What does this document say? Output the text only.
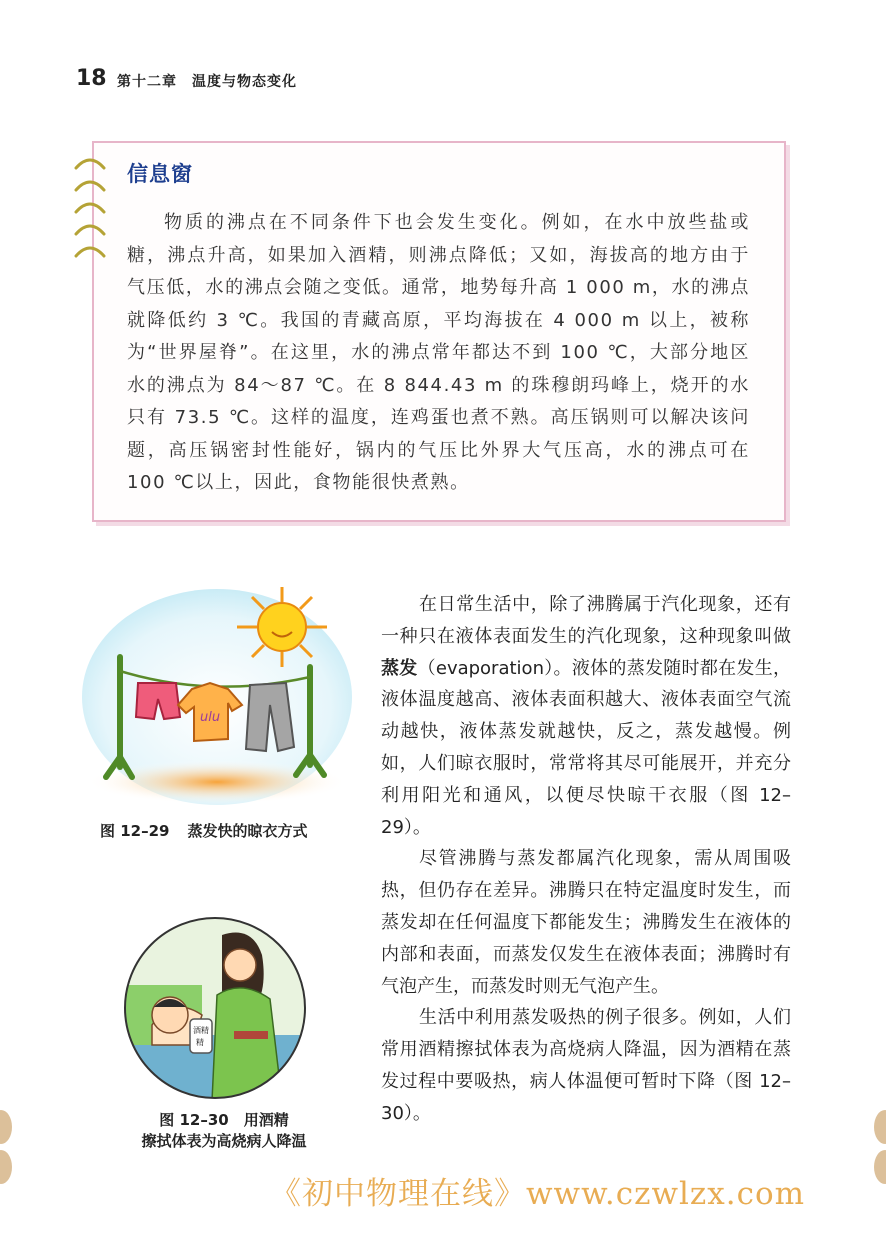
18 第十二章　温度与物态变化
信息窗

物质的沸点在不同条件下也会发生变化。例如，在水中放些盐或糖，沸点升高，如果加入酒精，则沸点降低；又如，海拔高的地方由于气压低，水的沸点会随之变低。通常，地势每升高 1 000 m，水的沸点就降低约 3 ℃。我国的青藏高原，平均海拔在 4 000 m 以上，被称为“世界屋脊”。在这里，水的沸点常年都达不到 100 ℃，大部分地区水的沸点为 84～87 ℃。在 8 844.43 m 的珠穆朗玛峰上，烧开的水只有 73.5 ℃。这样的温度，连鸡蛋也煮不熟。高压锅则可以解决该问题，高压锅密封性能好，锅内的气压比外界大气压高，水的沸点可在 100 ℃以上，因此，食物能很快煮熟。

ulu
图 12–29 蒸发快的晾衣方式
酒精
精
图 12–30　 用酒精
擦拭体表为高烧病人降温

在日常生活中，除了沸腾属于汽化现象，还有一种只在液体表面发生的汽化现象，这种现象叫做蒸发（evaporation）。液体的蒸发随时都在发生，液体温度越高、液体表面积越大、液体表面空气流动越快，液体蒸发就越快，反之，蒸发越慢。例如，人们晾衣服时，常常将其尽可能展开，并充分利用阳光和通风，以便尽快晾干衣服（图 12–29）。

尽管沸腾与蒸发都属汽化现象，需从周围吸热，但仍存在差异。沸腾只在特定温度时发生，而蒸发却在任何温度下都能发生；沸腾发生在液体的内部和表面，而蒸发仅发生在液体表面；沸腾时有气泡产生，而蒸发时则无气泡产生。

生活中利用蒸发吸热的例子很多。例如，人们常用酒精擦拭体表为高烧病人降温，因为酒精在蒸发过程中要吸热，病人体温便可暂时下降（图 12–30）。

《初中物理在线》www.czwlzx.com
